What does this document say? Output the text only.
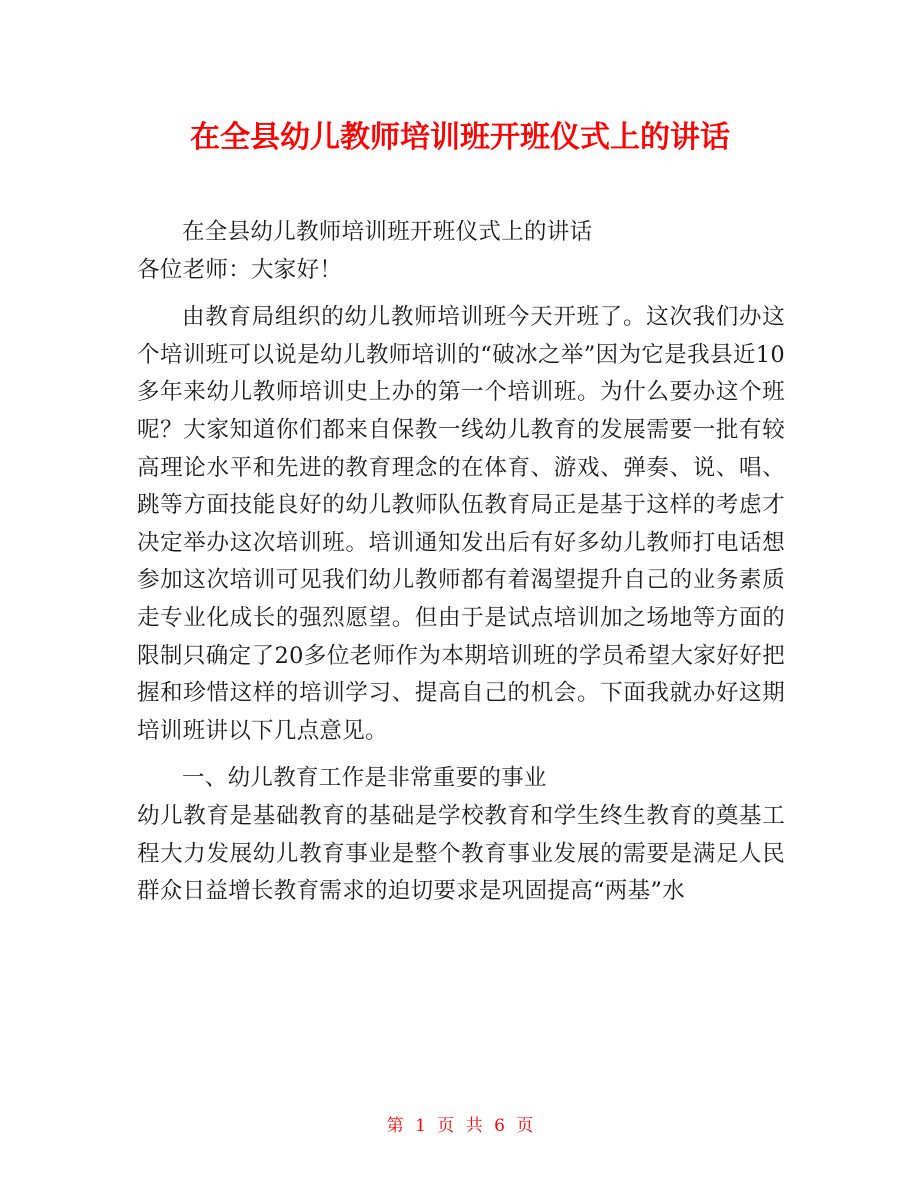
在全县幼儿教师培训班开班仪式上的讲话

在全县幼儿教师培训班开班仪式上的讲话

各位老师：大家好！

由教育局组织的幼儿教师培训班今天开班了。这次我们办这个培训班可以说是幼儿教师培训的“破冰之举”因为它是我县近10多年来幼儿教师培训史上办的第一个培训班。为什么要办这个班呢？大家知道你们都来自保教一线幼儿教育的发展需要一批有较高理论水平和先进的教育理念的在体育、游戏、弹奏、说、唱、跳等方面技能良好的幼儿教师队伍教育局正是基于这样的考虑才决定举办这次培训班。培训通知发出后有好多幼儿教师打电话想参加这次培训可见我们幼儿教师都有着渴望提升自己的业务素质走专业化成长的强烈愿望。但由于是试点培训加之场地等方面的限制只确定了20多位老师作为本期培训班的学员希望大家好好把握和珍惜这样的培训学习、提高自己的机会。下面我就办好这期培训班讲以下几点意见。

一、幼儿教育工作是非常重要的事业

幼儿教育是基础教育的基础是学校教育和学生终生教育的奠基工程大力发展幼儿教育事业是整个教育事业发展的需要是满足人民群众日益增长教育需求的迫切要求是巩固提高“两基”水

第 1 页 共 6 页
